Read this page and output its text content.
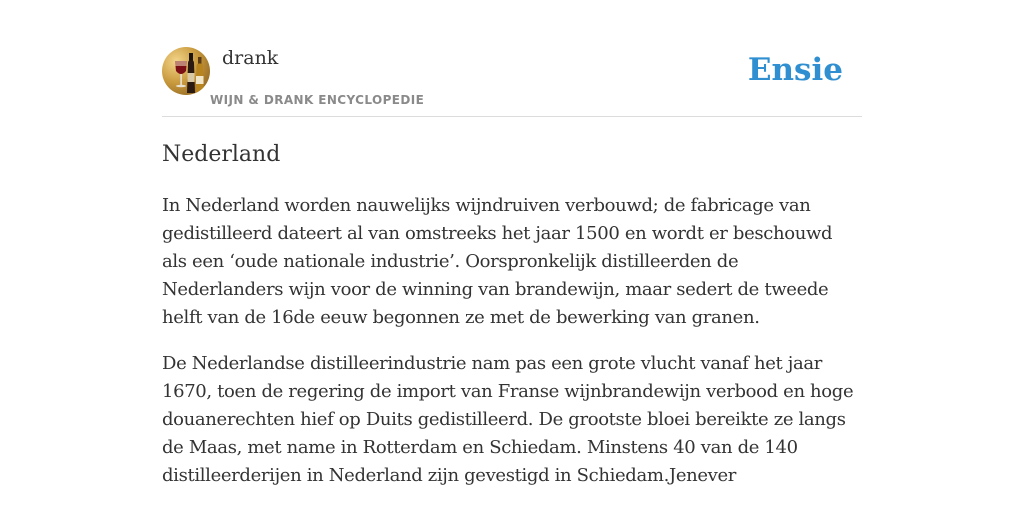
drank
WIJN & DRANK ENCYCLOPEDIE
Ensie
Nederland

In Nederland worden nauwelijks wijndruiven verbouwd; de fabricage van gedistilleerd dateert al van omstreeks het jaar 1500 en wordt er beschouwd als een ‘oude nationale industrie’. Oorspronkelijk distilleerden de Nederlanders wijn voor de winning van brandewijn, maar sedert de tweede helft van de 16de eeuw begonnen ze met de bewerking van granen.

De Nederlandse distilleerindustrie nam pas een grote vlucht vanaf het jaar 1670, toen de regering de import van Franse wijnbrandewijn verbood en hoge douanerechten hief op Duits gedistilleerd. De grootste bloei bereikte ze langs de Maas, met name in Rotterdam en Schiedam. Minstens 40 van de 140 distilleerderijen in Nederland zijn gevestigd in Schiedam.Jenever
